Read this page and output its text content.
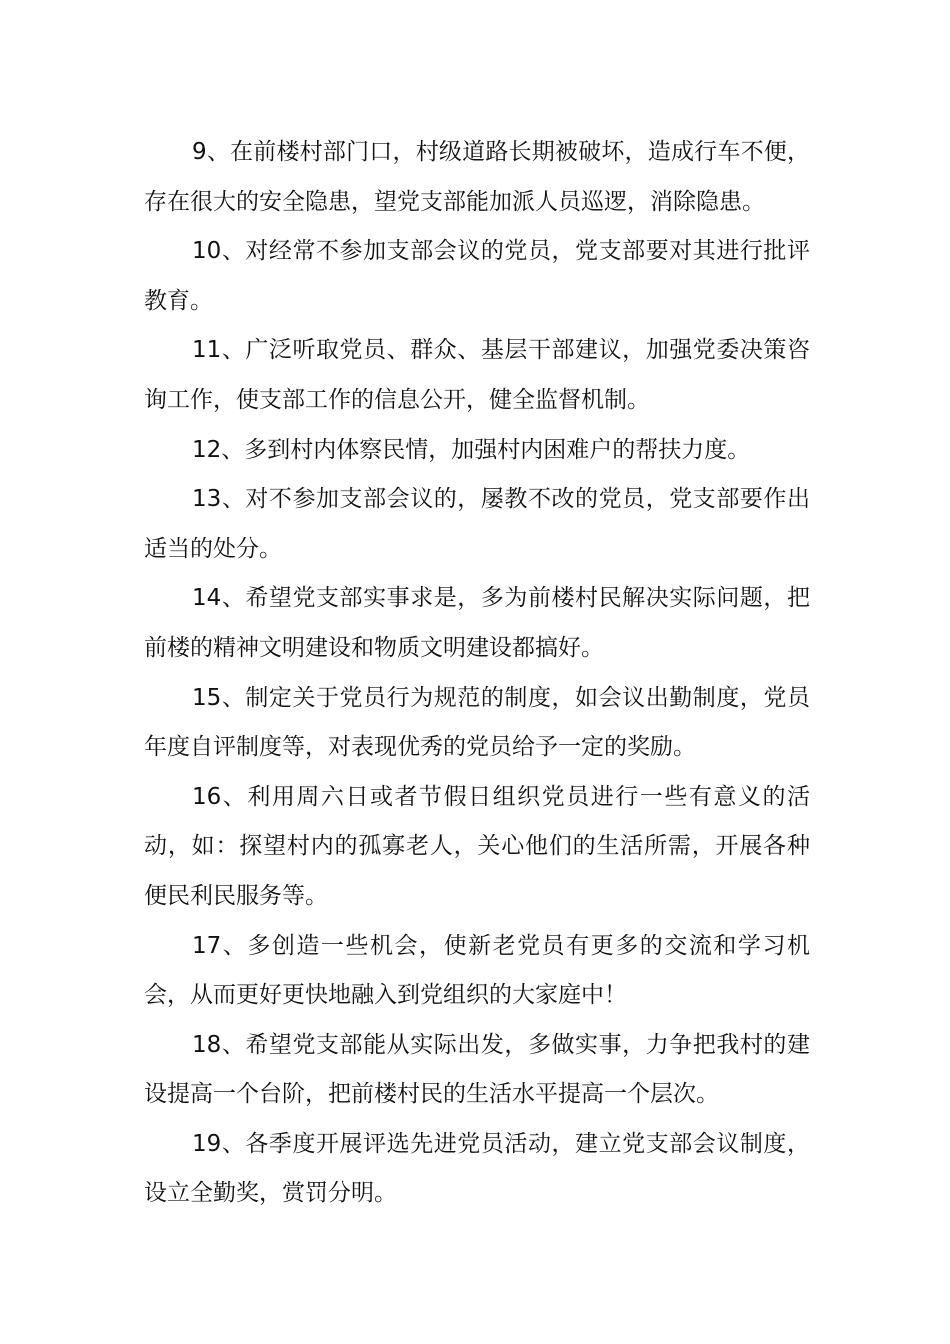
9、在前楼村部门口，村级道路长期被破坏，造成行车不便，存在很大的安全隐患，望党支部能加派人员巡逻，消除隐患。

10、对经常不参加支部会议的党员，党支部要对其进行批评教育。

11、广泛听取党员、群众、基层干部建议，加强党委决策咨询工作，使支部工作的信息公开，健全监督机制。

12、多到村内体察民情，加强村内困难户的帮扶力度。

13、对不参加支部会议的，屡教不改的党员，党支部要作出适当的处分。

14、希望党支部实事求是，多为前楼村民解决实际问题，把前楼的精神文明建设和物质文明建设都搞好。

15、制定关于党员行为规范的制度，如会议出勤制度，党员年度自评制度等，对表现优秀的党员给予一定的奖励。

16、利用周六日或者节假日组织党员进行一些有意义的活动，如：探望村内的孤寡老人，关心他们的生活所需，开展各种便民利民服务等。

17、多创造一些机会，使新老党员有更多的交流和学习机会，从而更好更快地融入到党组织的大家庭中！

18、希望党支部能从实际出发，多做实事，力争把我村的建设提高一个台阶，把前楼村民的生活水平提高一个层次。

19、各季度开展评选先进党员活动，建立党支部会议制度，设立全勤奖，赏罚分明。
